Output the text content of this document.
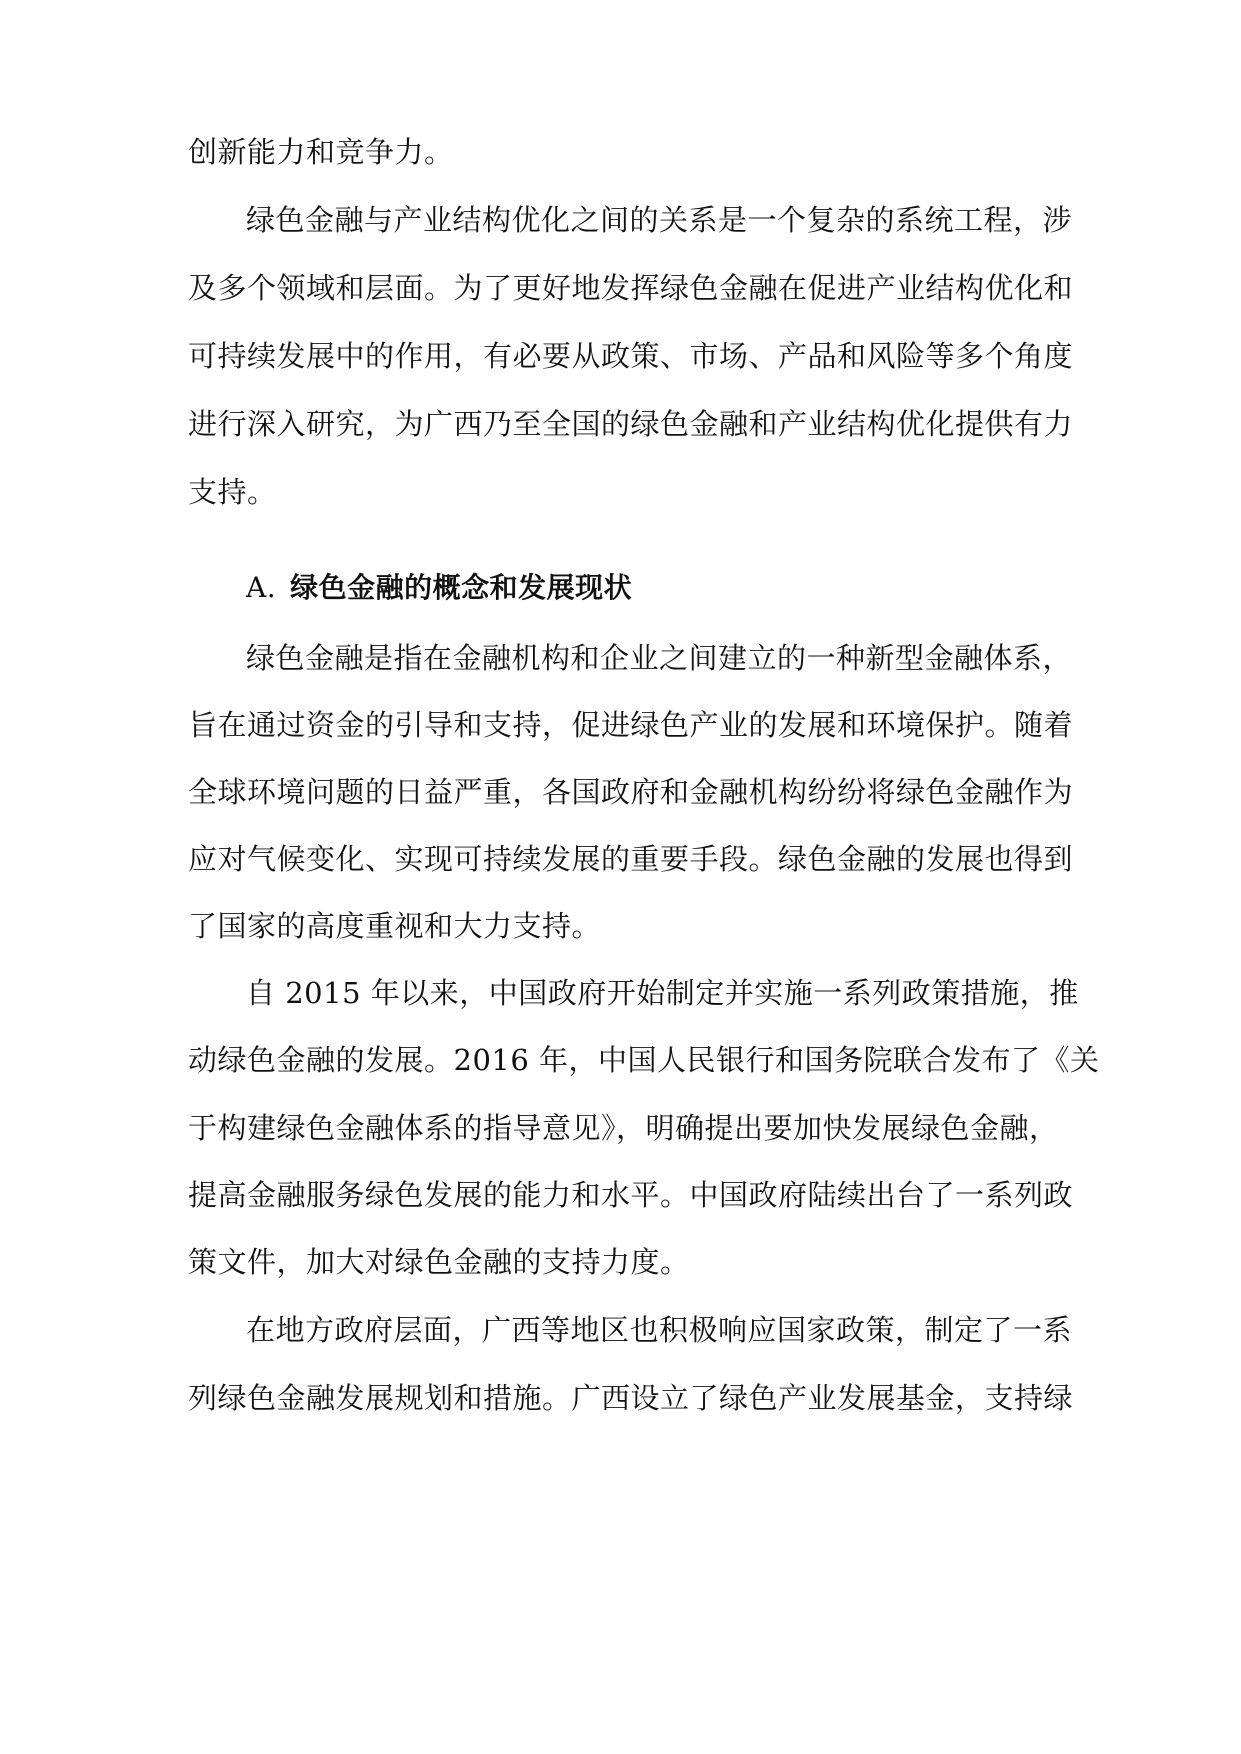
创新能力和竞争力。
绿色金融与产业结构优化之间的关系是一个复杂的系统工程，涉
及多个领域和层面。为了更好地发挥绿色金融在促进产业结构优化和
可持续发展中的作用，有必要从政策、市场、产品和风险等多个角度
进行深入研究，为广西乃至全国的绿色金融和产业结构优化提供有力
支持。
A. 绿色金融的概念和发展现状
绿色金融是指在金融机构和企业之间建立的一种新型金融体系，
旨在通过资金的引导和支持，促进绿色产业的发展和环境保护。随着
全球环境问题的日益严重，各国政府和金融机构纷纷将绿色金融作为
应对气候变化、实现可持续发展的重要手段。绿色金融的发展也得到
了国家的高度重视和大力支持。
自 2015 年以来，中国政府开始制定并实施一系列政策措施，推
动绿色金融的发展。2016 年，中国人民银行和国务院联合发布了《关
于构建绿色金融体系的指导意见》，明确提出要加快发展绿色金融，
提高金融服务绿色发展的能力和水平。中国政府陆续出台了一系列政
策文件，加大对绿色金融的支持力度。
在地方政府层面，广西等地区也积极响应国家政策，制定了一系
列绿色金融发展规划和措施。广西设立了绿色产业发展基金，支持绿
